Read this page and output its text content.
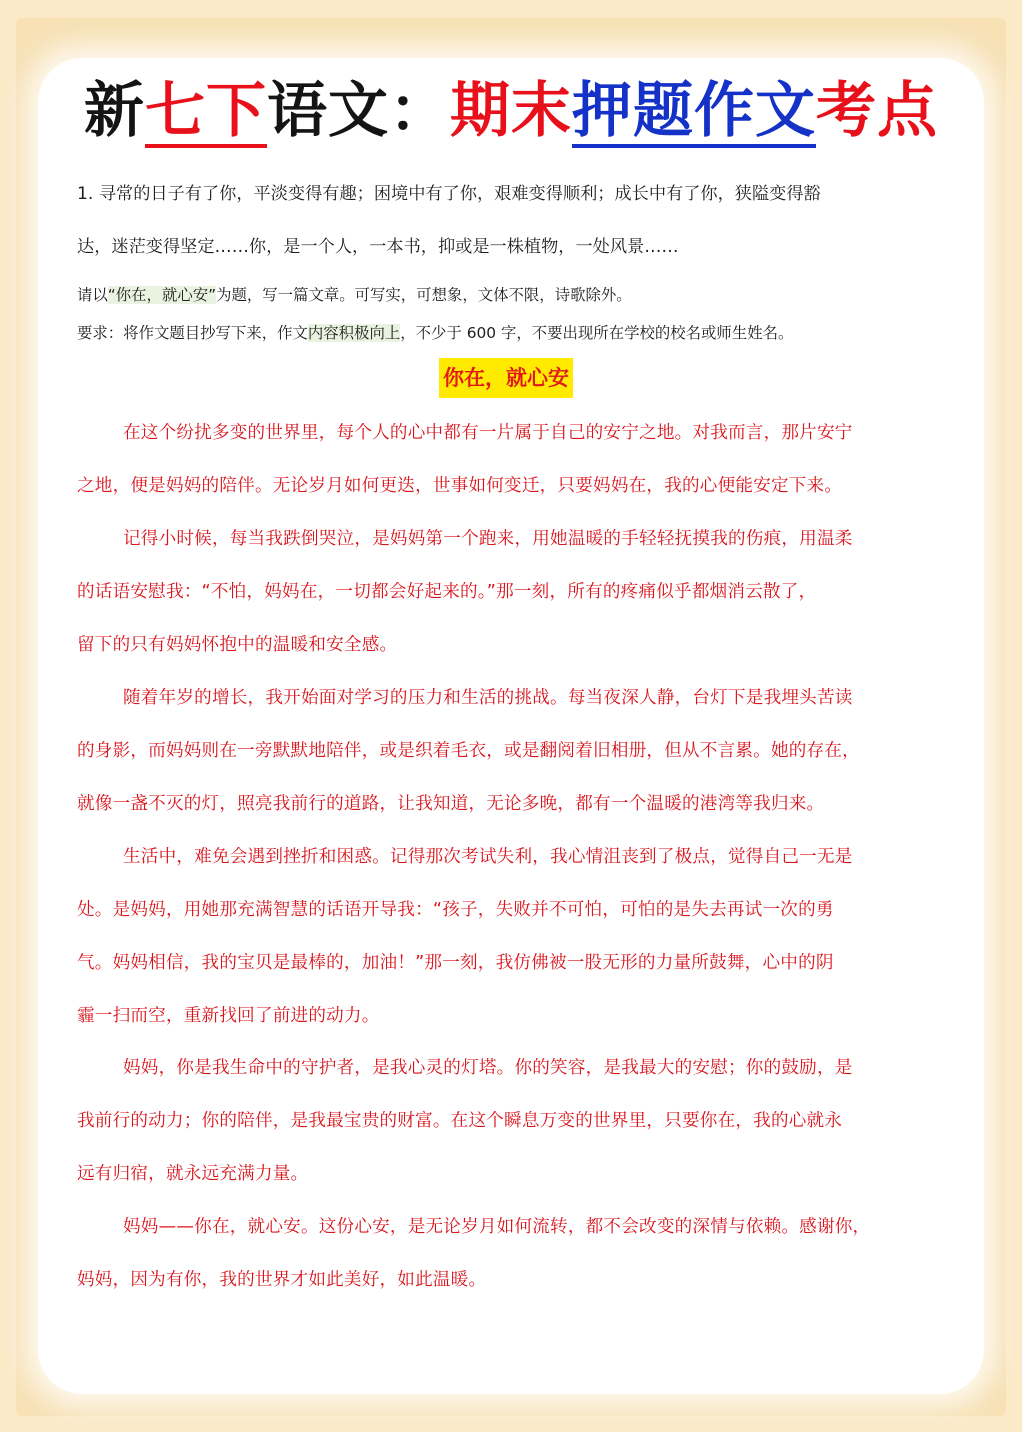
新七下语文：期末押题作文考点
1. 寻常的日子有了你，平淡变得有趣；困境中有了你，艰难变得顺利；成长中有了你，狭隘变得豁
达，迷茫变得坚定……你，是一个人，一本书，抑或是一株植物，一处风景……
请以“你在，就心安”为题，写一篇文章。可写实，可想象，文体不限，诗歌除外。
要求：将作文题目抄写下来，作文内容积极向上，不少于 600 字，不要出现所在学校的校名或师生姓名。
你在，就心安
在这个纷扰多变的世界里，每个人的心中都有一片属于自己的安宁之地。对我而言，那片安宁
之地，便是妈妈的陪伴。无论岁月如何更迭，世事如何变迁，只要妈妈在，我的心便能安定下来。
记得小时候，每当我跌倒哭泣，是妈妈第一个跑来，用她温暖的手轻轻抚摸我的伤痕，用温柔
的话语安慰我：“不怕，妈妈在，一切都会好起来的。”那一刻，所有的疼痛似乎都烟消云散了，
留下的只有妈妈怀抱中的温暖和安全感。
随着年岁的增长，我开始面对学习的压力和生活的挑战。每当夜深人静，台灯下是我埋头苦读
的身影，而妈妈则在一旁默默地陪伴，或是织着毛衣，或是翻阅着旧相册，但从不言累。她的存在，
就像一盏不灭的灯，照亮我前行的道路，让我知道，无论多晚，都有一个温暖的港湾等我归来。
生活中，难免会遇到挫折和困惑。记得那次考试失利，我心情沮丧到了极点，觉得自己一无是
处。是妈妈，用她那充满智慧的话语开导我：“孩子，失败并不可怕，可怕的是失去再试一次的勇
气。妈妈相信，我的宝贝是最棒的，加油！”那一刻，我仿佛被一股无形的力量所鼓舞，心中的阴
霾一扫而空，重新找回了前进的动力。
妈妈，你是我生命中的守护者，是我心灵的灯塔。你的笑容，是我最大的安慰；你的鼓励，是
我前行的动力；你的陪伴，是我最宝贵的财富。在这个瞬息万变的世界里，只要你在，我的心就永
远有归宿，就永远充满力量。
妈妈——你在，就心安。这份心安，是无论岁月如何流转，都不会改变的深情与依赖。感谢你，
妈妈，因为有你，我的世界才如此美好，如此温暖。
